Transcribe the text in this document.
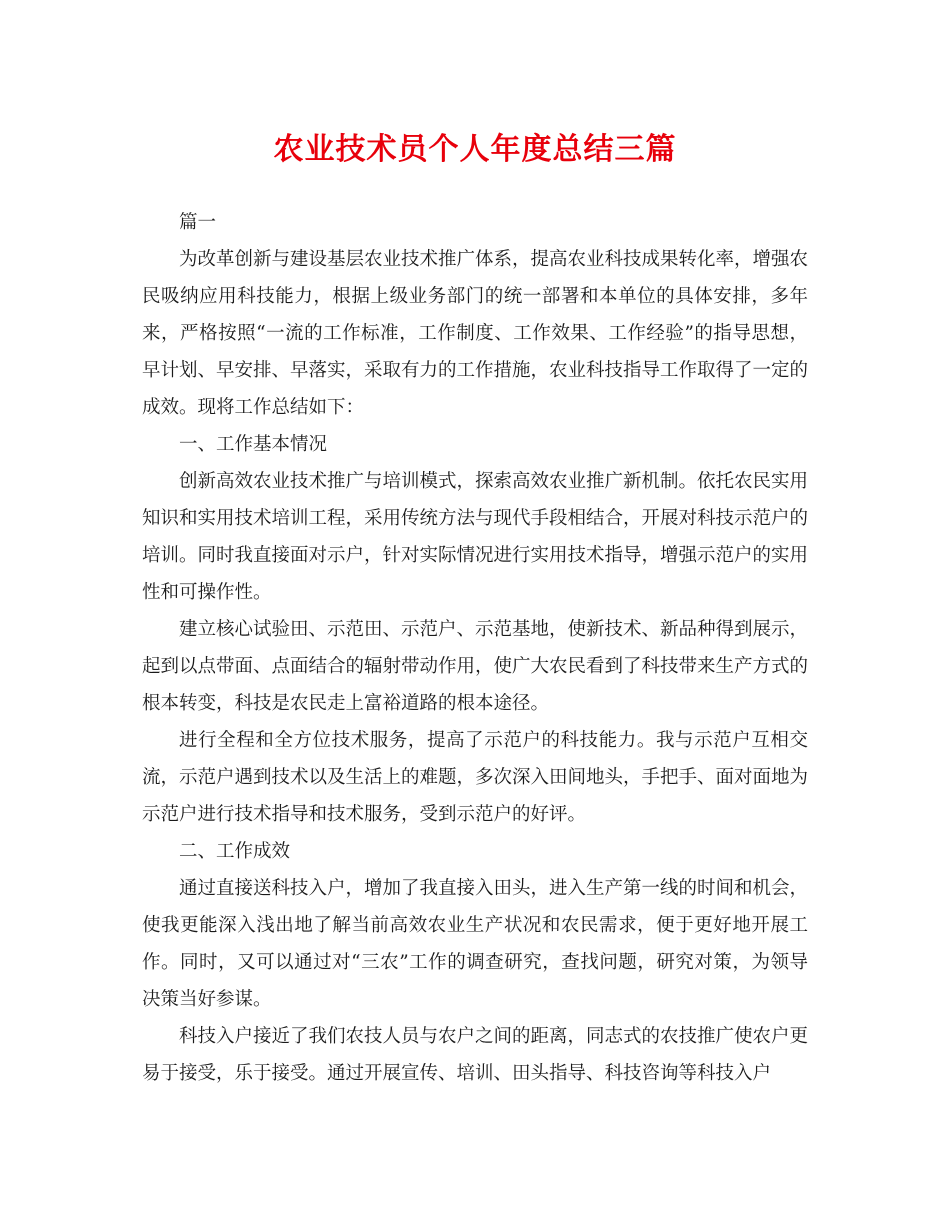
农业技术员个人年度总结三篇

篇一

为改革创新与建设基层农业技术推广体系，提高农业科技成果转化率，增强农民吸纳应用科技能力，根据上级业务部门的统一部署和本单位的具体安排，多年来，严格按照“一流的工作标准，工作制度、工作效果、工作经验”的指导思想，早计划、早安排、早落实，采取有力的工作措施，农业科技指导工作取得了一定的成效。现将工作总结如下：

一、工作基本情况

创新高效农业技术推广与培训模式，探索高效农业推广新机制。依托农民实用知识和实用技术培训工程，采用传统方法与现代手段相结合，开展对科技示范户的培训。同时我直接面对示户，针对实际情况进行实用技术指导，增强示范户的实用性和可操作性。

建立核心试验田、示范田、示范户、示范基地，使新技术、新品种得到展示，起到以点带面、点面结合的辐射带动作用，使广大农民看到了科技带来生产方式的根本转变，科技是农民走上富裕道路的根本途径。

进行全程和全方位技术服务，提高了示范户的科技能力。我与示范户互相交流，示范户遇到技术以及生活上的难题，多次深入田间地头，手把手、面对面地为示范户进行技术指导和技术服务，受到示范户的好评。

二、工作成效

通过直接送科技入户，增加了我直接入田头，进入生产第一线的时间和机会，使我更能深入浅出地了解当前高效农业生产状况和农民需求，便于更好地开展工作。同时，又可以通过对“三农”工作的调查研究，查找问题，研究对策，为领导决策当好参谋。

科技入户接近了我们农技人员与农户之间的距离，同志式的农技推广使农户更易于接受，乐于接受。通过开展宣传、培训、田头指导、科技咨询等科技入户
